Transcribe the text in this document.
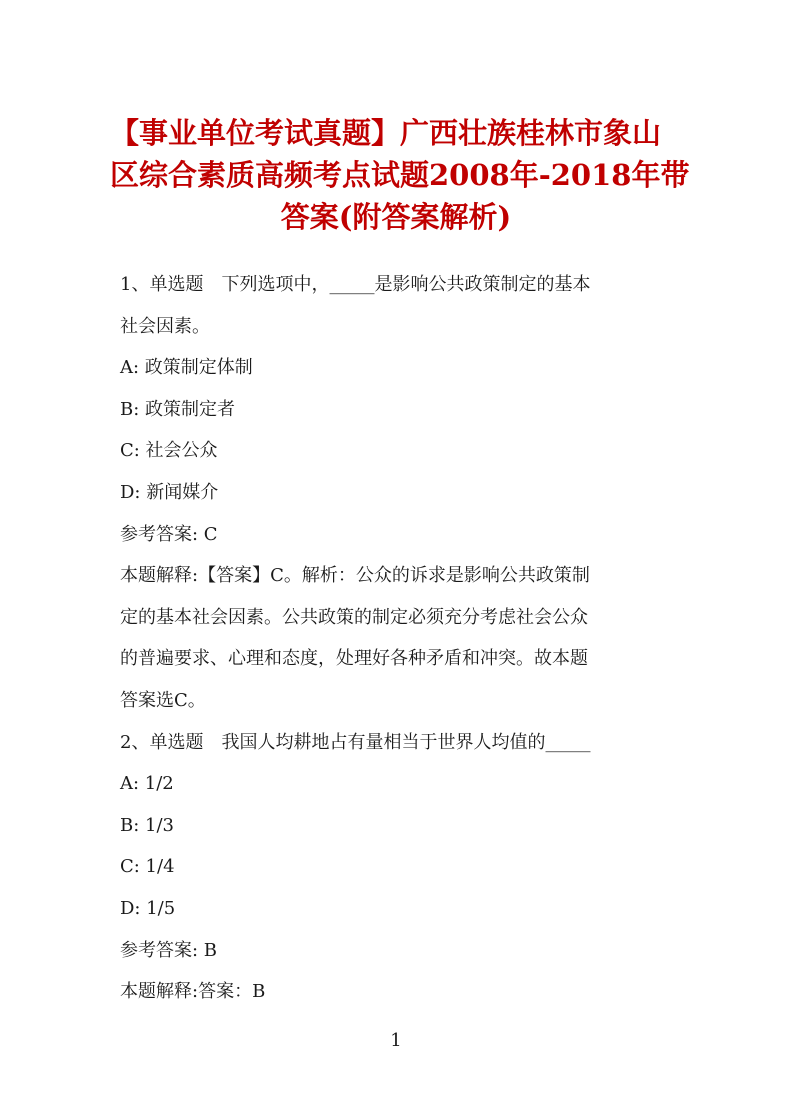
【事业单位考试真题】广西壮族桂林市象山
区综合素质高频考点试题2008年-2018年带
答案(附答案解析)
1、单选题　下列选项中，_____是影响公共政策制定的基本
社会因素。
A: 政策制定体制
B: 政策制定者
C: 社会公众
D: 新闻媒介
参考答案: C
本题解释:【答案】C。解析：公众的诉求是影响公共政策制
定的基本社会因素。公共政策的制定必须充分考虑社会公众
的普遍要求、心理和态度，处理好各种矛盾和冲突。故本题
答案选C。
2、单选题　我国人均耕地占有量相当于世界人均值的_____
A: 1/2
B: 1/3
C: 1/4
D: 1/5
参考答案: B
本题解释:答案：B
1
